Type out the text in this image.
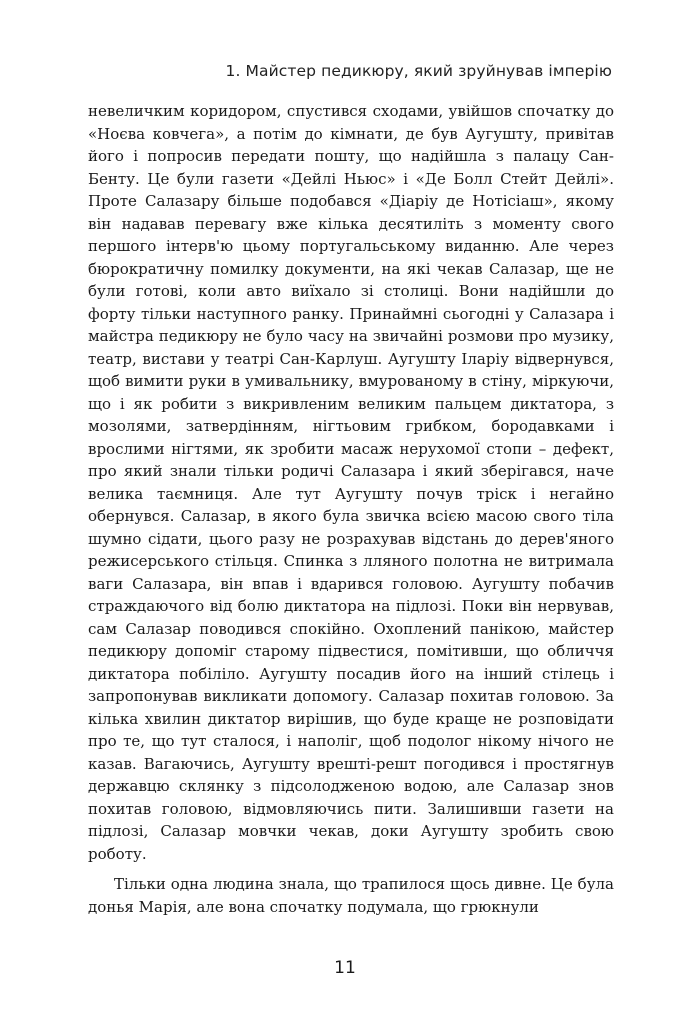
1. Майстер педикюру, який зруйнував імперію

невеличким коридором, спустився сходами, увійшов спочатку до «Ноєва ковчега», а потім до кімнати, де був Аугушту, привітав його і попросив передати пошту, що надійшла з палацу Сан-Бенту. Це були газети «Дейлі Ньюс» і «Де Болл Стейт Дейлі». Проте Салазару більше подобався «Діаріу де Нотісіаш», якому він надавав перевагу вже кілька десятиліть з моменту свого першого інтерв'ю цьому португальському виданню. Але через бюрократичну помилку документи, на які чекав Салазар, ще не були готові, коли авто виїхало зі столиці. Вони надійшли до форту тільки наступного ранку. Принаймні сьогодні у Салазара і майстра педикюру не було часу на звичайні розмови про музику, театр, вистави у театрі Сан-Карлуш. Аугушту Іларіу відвернувся, щоб вимити руки в умивальнику, вмурованому в стіну, міркуючи, що і як робити з викривленим великим пальцем диктатора, з мозолями, затвердінням, нігтьовим грибком, бородавками і врослими нігтями, як зробити масаж нерухомої стопи – дефект, про який знали тільки родичі Салазара і який зберігався, наче велика таємниця. Але тут Аугушту почув тріск і негайно обернувся. Салазар, в якого була звичка всією масою свого тіла шумно сідати, цього разу не розрахував відстань до дерев'яного режисерського стільця. Спинка з лляного полотна не витримала ваги Салазара, він впав і вдарився головою. Аугушту побачив страждаючого від болю диктатора на підлозі. Поки він нервував, сам Салазар поводився спокійно. Охоплений панікою, майстер педикюру допоміг старому підвестися, помітивши, що обличчя диктатора побіліло. Аугушту посадив його на інший стілець і запропонував викликати допомогу. Салазар похитав головою. За кілька хвилин диктатор вирішив, що буде краще не розповідати про те, що тут сталося, і наполіг, щоб подолог нікому нічого не казав. Вагаючись, Аугушту врешті-решт погодився і простягнув державцю склянку з підсолодженою водою, але Салазар знов похитав головою, відмовляючись пити. Залишивши газети на підлозі, Салазар мовчки чекав, доки Аугушту зробить свою роботу.

Тільки одна людина знала, що трапилося щось дивне. Це була донья Марія, але вона спочатку подумала, що грюкнули

11
